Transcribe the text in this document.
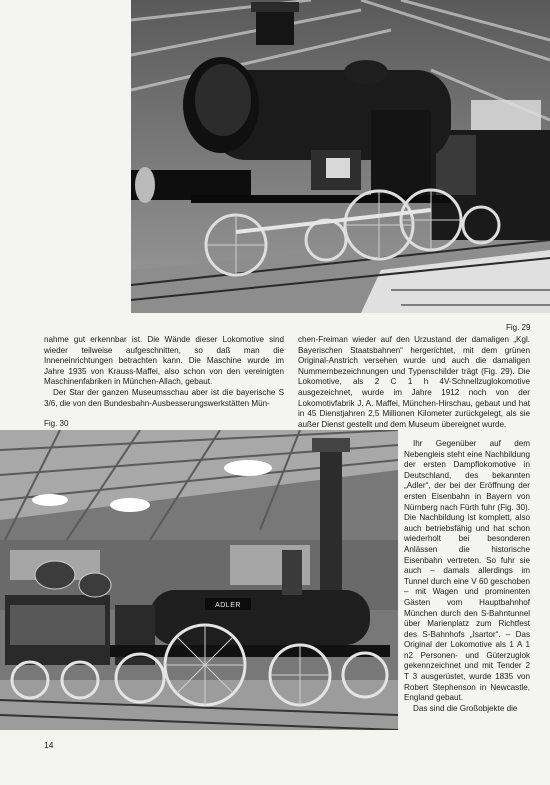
Fig. 29

nahme gut erkennbar ist. Die Wände dieser Lokomotive sind wieder teilweise aufgeschnitten, so daß man die Inneneinrichtungen betrachten kann. Die Maschine wurde im Jahre 1935 von Krauss-Maffei, also schon von den vereinigten Maschinenfabriken in München-Allach, gebaut.

Der Star der ganzen Museumsschau aber ist die bayerische S 3/6, die von den Bundesbahn-Ausbesserungswerkstätten Mün-

chen-Freiman wieder auf den Urzustand der damaligen „Kgl. Bayerischen Staatsbahnen“ hergerichtet, mit dem grünen Original-Anstrich versehen wurde und auch die damaligen Nummernbezeichnungen und Typenschilder trägt (Fig. 29). Die Lokomotive, als 2 C 1 h 4V-Schnellzuglokomotive ausgezeichnet, wurde im Jahre 1912 noch von der Lokomotivfabrik J. A. Maffei, München-Hirschau, gebaut und hat in 45 Dienstjahren 2,5 Millionen Kilometer zurückgelegt, als sie außer Dienst gestellt und dem Museum übereignet wurde.
Fig. 30
ADLER

Ihr Gegenüber auf dem Nebengleis steht eine Nachbildung der ersten Dampflokomotive in Deutschland, des bekannten „Adler“, der bei der Eröffnung der ersten Eisenbahn in Bayern von Nürnberg nach Fürth fuhr (Fig. 30). Die Nachbildung ist komplett, also auch betriebsfähig und hat schon wiederholt bei besonderen Anlässen die historische Eisenbahn vertreten. So fuhr sie auch – damals allerdings im Tunnel durch eine V 60 geschoben – mit Wagen und prominenten Gästen vom Hauptbahnhof München durch den S-Bahntunnel über Marienplatz zum Richtfest des S-Bahnhofs „Isartor“. – Das Original der Lokomotive als 1 A 1 n2 Personen- und Güterzuglok gekennzeichnet und mit Tender 2 T 3 ausgerüstet, wurde 1835 von Robert Stephenson in Newcastle, England gebaut.

Das sind die Großobjekte die

14
